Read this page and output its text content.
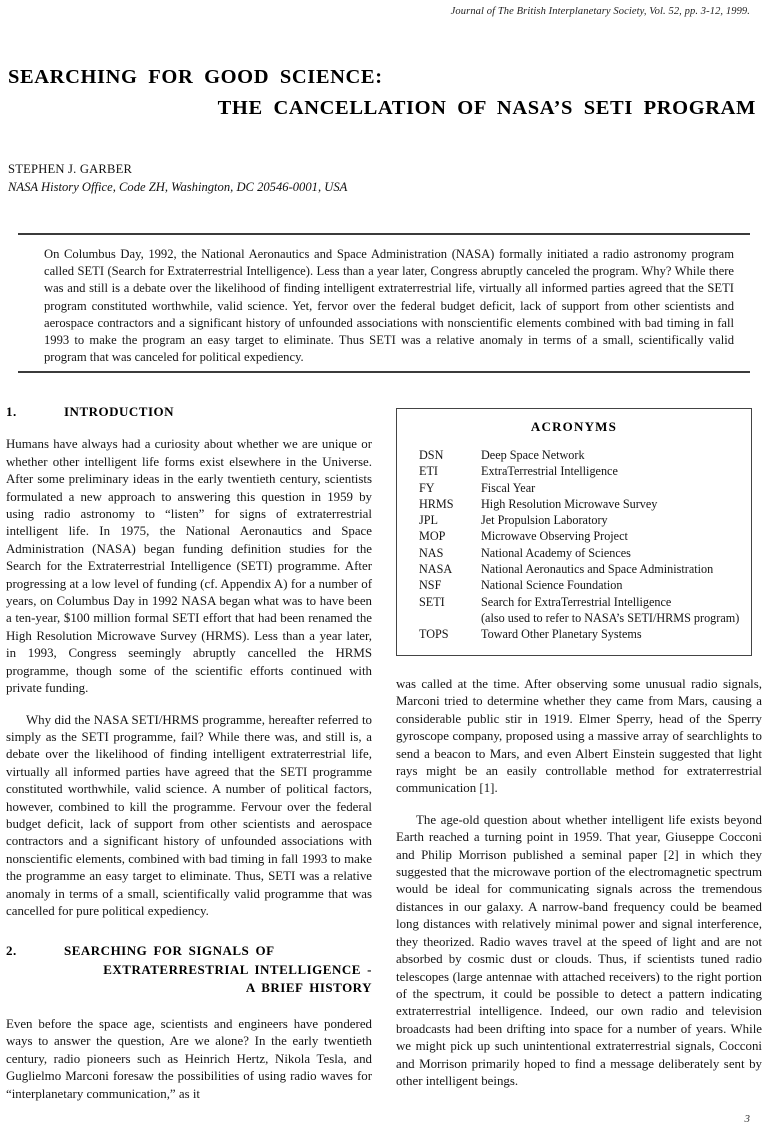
Journal of The British Interplanetary Society, Vol. 52, pp. 3-12, 1999.
SEARCHING FOR GOOD SCIENCE:
THE CANCELLATION OF NASA’S SETI PROGRAM
STEPHEN J. GARBER
NASA History Office, Code ZH, Washington, DC 20546-0001, USA
On Columbus Day, 1992, the National Aeronautics and Space Administration (NASA) formally initiated a radio astronomy program called SETI (Search for Extraterrestrial Intelligence). Less than a year later, Congress abruptly canceled the program. Why? While there was and still is a debate over the likelihood of finding intelligent extraterrestrial life, virtually all informed parties agreed that the SETI program constituted worthwhile, valid science. Yet, fervor over the federal budget deficit, lack of support from other scientists and aerospace contractors and a significant history of unfounded associations with nonscientific elements combined with bad timing in fall 1993 to make the program an easy target to eliminate. Thus SETI was a relative anomaly in terms of a small, scientifically valid program that was canceled for political expediency.
1.	INTRODUCTION

Humans have always had a curiosity about whether we are unique or whether other intelligent life forms exist elsewhere in the Universe. After some preliminary ideas in the early twentieth century, scientists formulated a new approach to answering this question in 1959 by using radio astronomy to “listen” for signs of extraterrestrial intelligent life. In 1975, the National Aeronautics and Space Administration (NASA) began funding definition studies for the Search for the Extraterrestrial Intelligence (SETI) programme. After progressing at a low level of funding (cf. Appendix A) for a number of years, on Columbus Day in 1992 NASA began what was to have been a ten-year, $100 million formal SETI effort that had been renamed the High Resolution Microwave Survey (HRMS). Less than a year later, in 1993, Congress seemingly abruptly cancelled the HRMS programme, though some of the scientific efforts continued with private funding.

Why did the NASA SETI/HRMS programme, hereafter referred to simply as the SETI programme, fail? While there was, and still is, a debate over the likelihood of finding intelligent extraterrestrial life, virtually all informed parties have agreed that the SETI programme constituted worthwhile, valid science. A number of political factors, however, combined to kill the programme. Fervour over the federal budget deficit, lack of support from other scientists and aerospace contractors and a significant history of unfounded associations with nonscientific elements, combined with bad timing in fall 1993 to make the programme an easy target to eliminate. Thus, SETI was a relative anomaly in terms of a small, scientifically valid programme that was cancelled for pure political expediency.

2.	SEARCHING FOR SIGNALS OF
EXTRATERRESTRIAL INTELLIGENCE -
A BRIEF HISTORY

Even before the space age, scientists and engineers have pondered ways to answer the question, Are we alone? In the early twentieth century, radio pioneers such as Heinrich Hertz, Nikola Tesla, and Guglielmo Marconi foresaw the possibilities of using radio waves for “interplanetary communication,” as it

ACRONYMS
DSN	Deep Space Network
ETI	ExtraTerrestrial Intelligence
FY	Fiscal Year
HRMS	High Resolution Microwave Survey
JPL	Jet Propulsion Laboratory
MOP	Microwave Observing Project
NAS	National Academy of Sciences
NASA	National Aeronautics and Space Administration
NSF	National Science Foundation
SETI	Search for ExtraTerrestrial Intelligence
(also used to refer to NASA’s SETI/HRMS program)
TOPS	Toward Other Planetary Systems

was called at the time. After observing some unusual radio signals, Marconi tried to determine whether they came from Mars, causing a considerable public stir in 1919. Elmer Sperry, head of the Sperry gyroscope company, proposed using a massive array of searchlights to send a beacon to Mars, and even Albert Einstein suggested that light rays might be an easily controllable method for extraterrestrial communication [1].

The age-old question about whether intelligent life exists beyond Earth reached a turning point in 1959. That year, Giuseppe Cocconi and Philip Morrison published a seminal paper [2] in which they suggested that the microwave portion of the electromagnetic spectrum would be ideal for communicating signals across the tremendous distances in our galaxy. A narrow-band frequency could be beamed long distances with relatively minimal power and signal interference, they theorized. Radio waves travel at the speed of light and are not absorbed by cosmic dust or clouds. Thus, if scientists tuned radio telescopes (large antennae with attached receivers) to the right portion of the spectrum, it could be possible to detect a pattern indicating extraterrestrial intelligence. Indeed, our own radio and television broadcasts had been drifting into space for a number of years. While we might pick up such unintentional extraterrestrial signals, Cocconi and Morrison primarily hoped to find a message deliberately sent by other intelligent beings.

3
